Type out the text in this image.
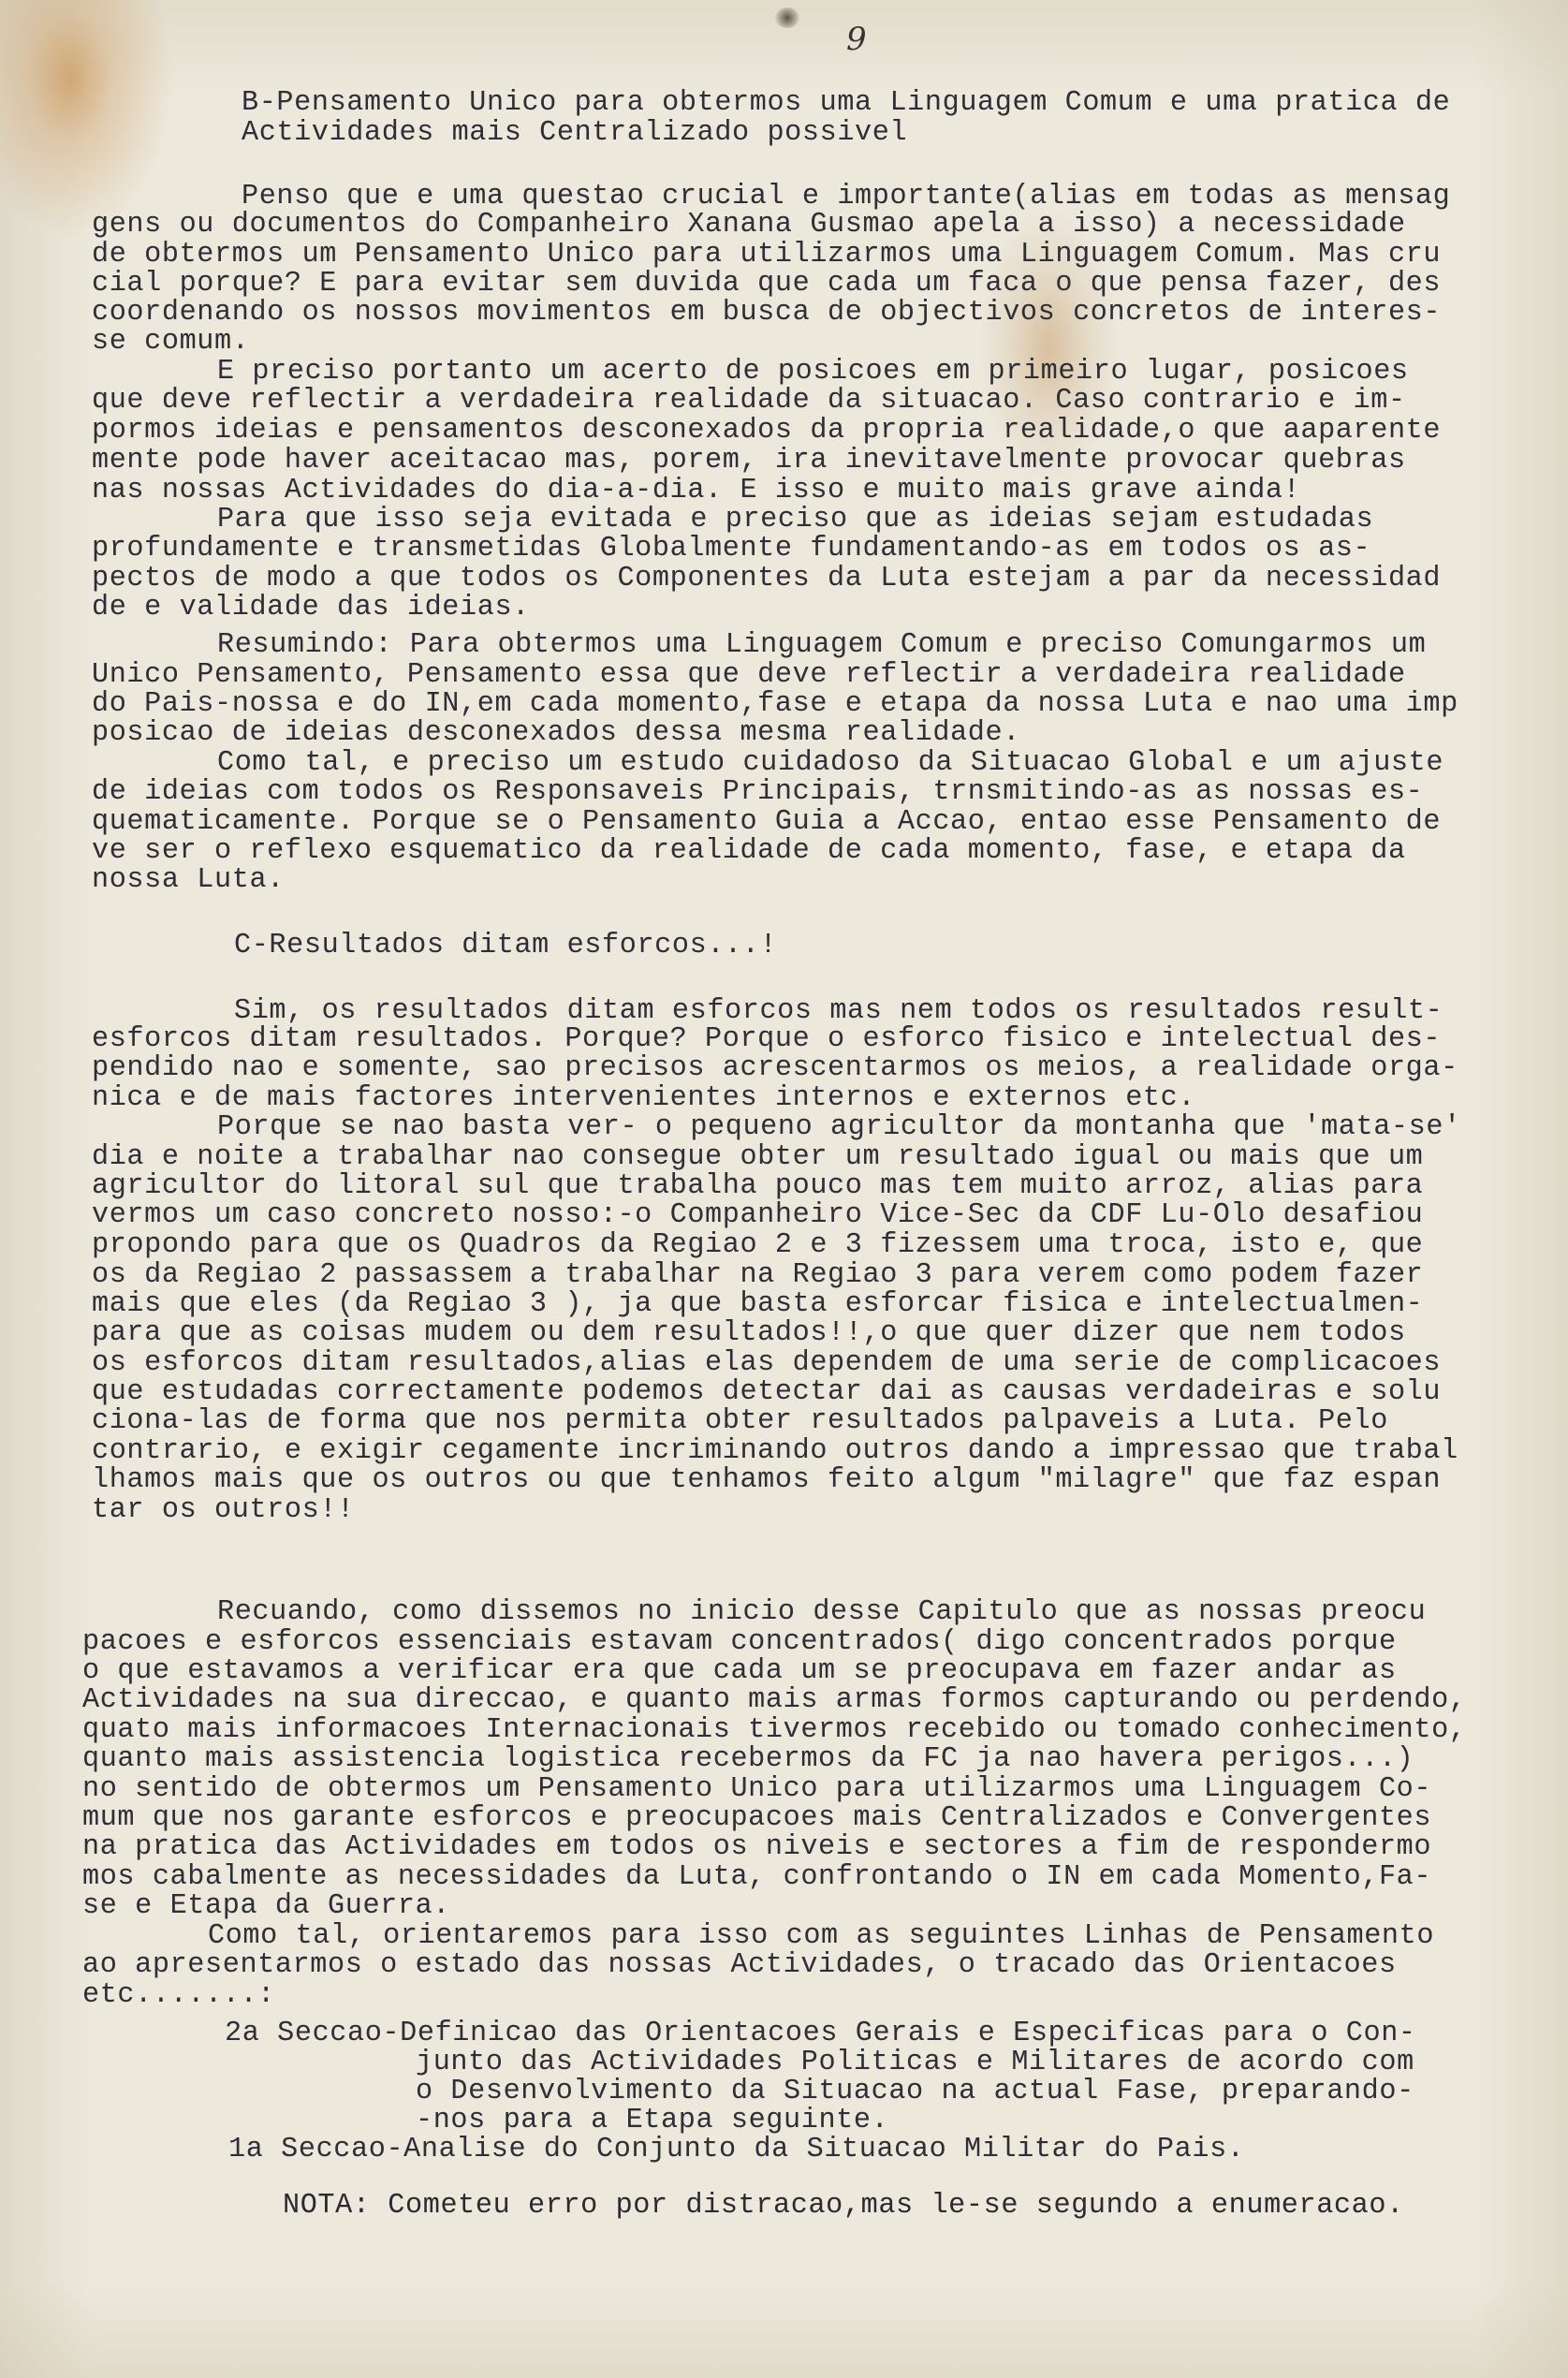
9
B-Pensamento Unico para obtermos uma Linguagem Comum e uma pratica de
Actividades mais Centralizado possivel
Penso que e uma questao crucial e importante(alias em todas as mensag
gens ou documentos do Companheiro Xanana Gusmao apela a isso) a necessidade
de obtermos um Pensamento Unico para utilizarmos uma Linguagem Comum. Mas cru
cial porque? E para evitar sem duvida que cada um faca o que pensa fazer, des
coordenando os nossos movimentos em busca de objectivos concretos de interes-
se comum.
E preciso portanto um acerto de posicoes em primeiro lugar, posicoes
que deve reflectir a verdadeira realidade da situacao. Caso contrario e im-
pormos ideias e pensamentos desconexados da propria realidade,o que aaparente
mente pode haver aceitacao mas, porem, ira inevitavelmente provocar quebras
nas nossas Actividades do dia-a-dia. E isso e muito mais grave ainda!
Para que isso seja evitada e preciso que as ideias sejam estudadas
profundamente e transmetidas Globalmente fundamentando-as em todos os as-
pectos de modo a que todos os Componentes da Luta estejam a par da necessidad
de e validade das ideias.
Resumindo: Para obtermos uma Linguagem Comum e preciso Comungarmos um
Unico Pensamento, Pensamento essa que deve reflectir a verdadeira realidade
do Pais-nossa e do IN,em cada momento,fase e etapa da nossa Luta e nao uma imp
posicao de ideias desconexados dessa mesma realidade.
Como tal, e preciso um estudo cuidadoso da Situacao Global e um ajuste
de ideias com todos os Responsaveis Principais, trnsmitindo-as as nossas es-
quematicamente. Porque se o Pensamento Guia a Accao, entao esse Pensamento de
ve ser o reflexo esquematico da realidade de cada momento, fase, e etapa da
nossa Luta.
C-Resultados ditam esforcos...!
Sim, os resultados ditam esforcos mas nem todos os resultados result-
esforcos ditam resultados. Porque? Porque o esforco fisico e intelectual des-
pendido nao e somente, sao precisos acrescentarmos os meios, a realidade orga-
nica e de mais factores intervenientes internos e externos etc.
Porque se nao basta ver- o pequeno agricultor da montanha que 'mata-se'
dia e noite a trabalhar nao consegue obter um resultado igual ou mais que um
agricultor do litoral sul que trabalha pouco mas tem muito arroz, alias para
vermos um caso concreto nosso:-o Companheiro Vice-Sec da CDF Lu-Olo desafiou
propondo para que os Quadros da Regiao 2 e 3 fizessem uma troca, isto e, que
os da Regiao 2 passassem a trabalhar na Regiao 3 para verem como podem fazer
mais que eles (da Regiao 3 ), ja que basta esforcar fisica e intelectualmen-
para que as coisas mudem ou dem resultados!!,o que quer dizer que nem todos
os esforcos ditam resultados,alias elas dependem de uma serie de complicacoes
que estudadas correctamente podemos detectar dai as causas verdadeiras e solu
ciona-las de forma que nos permita obter resultados palpaveis a Luta. Pelo
contrario, e exigir cegamente incriminando outros dando a impressao que trabal
lhamos mais que os outros ou que tenhamos feito algum "milagre" que faz espan
tar os outros!!
Recuando, como dissemos no inicio desse Capitulo que as nossas preocu
pacoes e esforcos essenciais estavam concentrados( digo concentrados porque
o que estavamos a verificar era que cada um se preocupava em fazer andar as
Actividades na sua direccao, e quanto mais armas formos capturando ou perdendo,
quato mais informacoes Internacionais tivermos recebido ou tomado conhecimento,
quanto mais assistencia logistica recebermos da FC ja nao havera perigos...)
no sentido de obtermos um Pensamento Unico para utilizarmos uma Linguagem Co-
mum que nos garante esforcos e preocupacoes mais Centralizados e Convergentes
na pratica das Actividades em todos os niveis e sectores a fim de respondermo
mos cabalmente as necessidades da Luta, confrontando o IN em cada Momento,Fa-
se e Etapa da Guerra.
Como tal, orientaremos para isso com as seguintes Linhas de Pensamento
ao apresentarmos o estado das nossas Actividades, o tracado das Orientacoes
etc.......:
2a Seccao-Definicao das Orientacoes Gerais e Especificas para o Con-
junto das Actividades Politicas e Militares de acordo com
o Desenvolvimento da Situacao na actual Fase, preparando-
-nos para a Etapa seguinte.
1a Seccao-Analise do Conjunto da Situacao Militar do Pais.
NOTA: Cometeu erro por distracao,mas le-se segundo a enumeracao.
